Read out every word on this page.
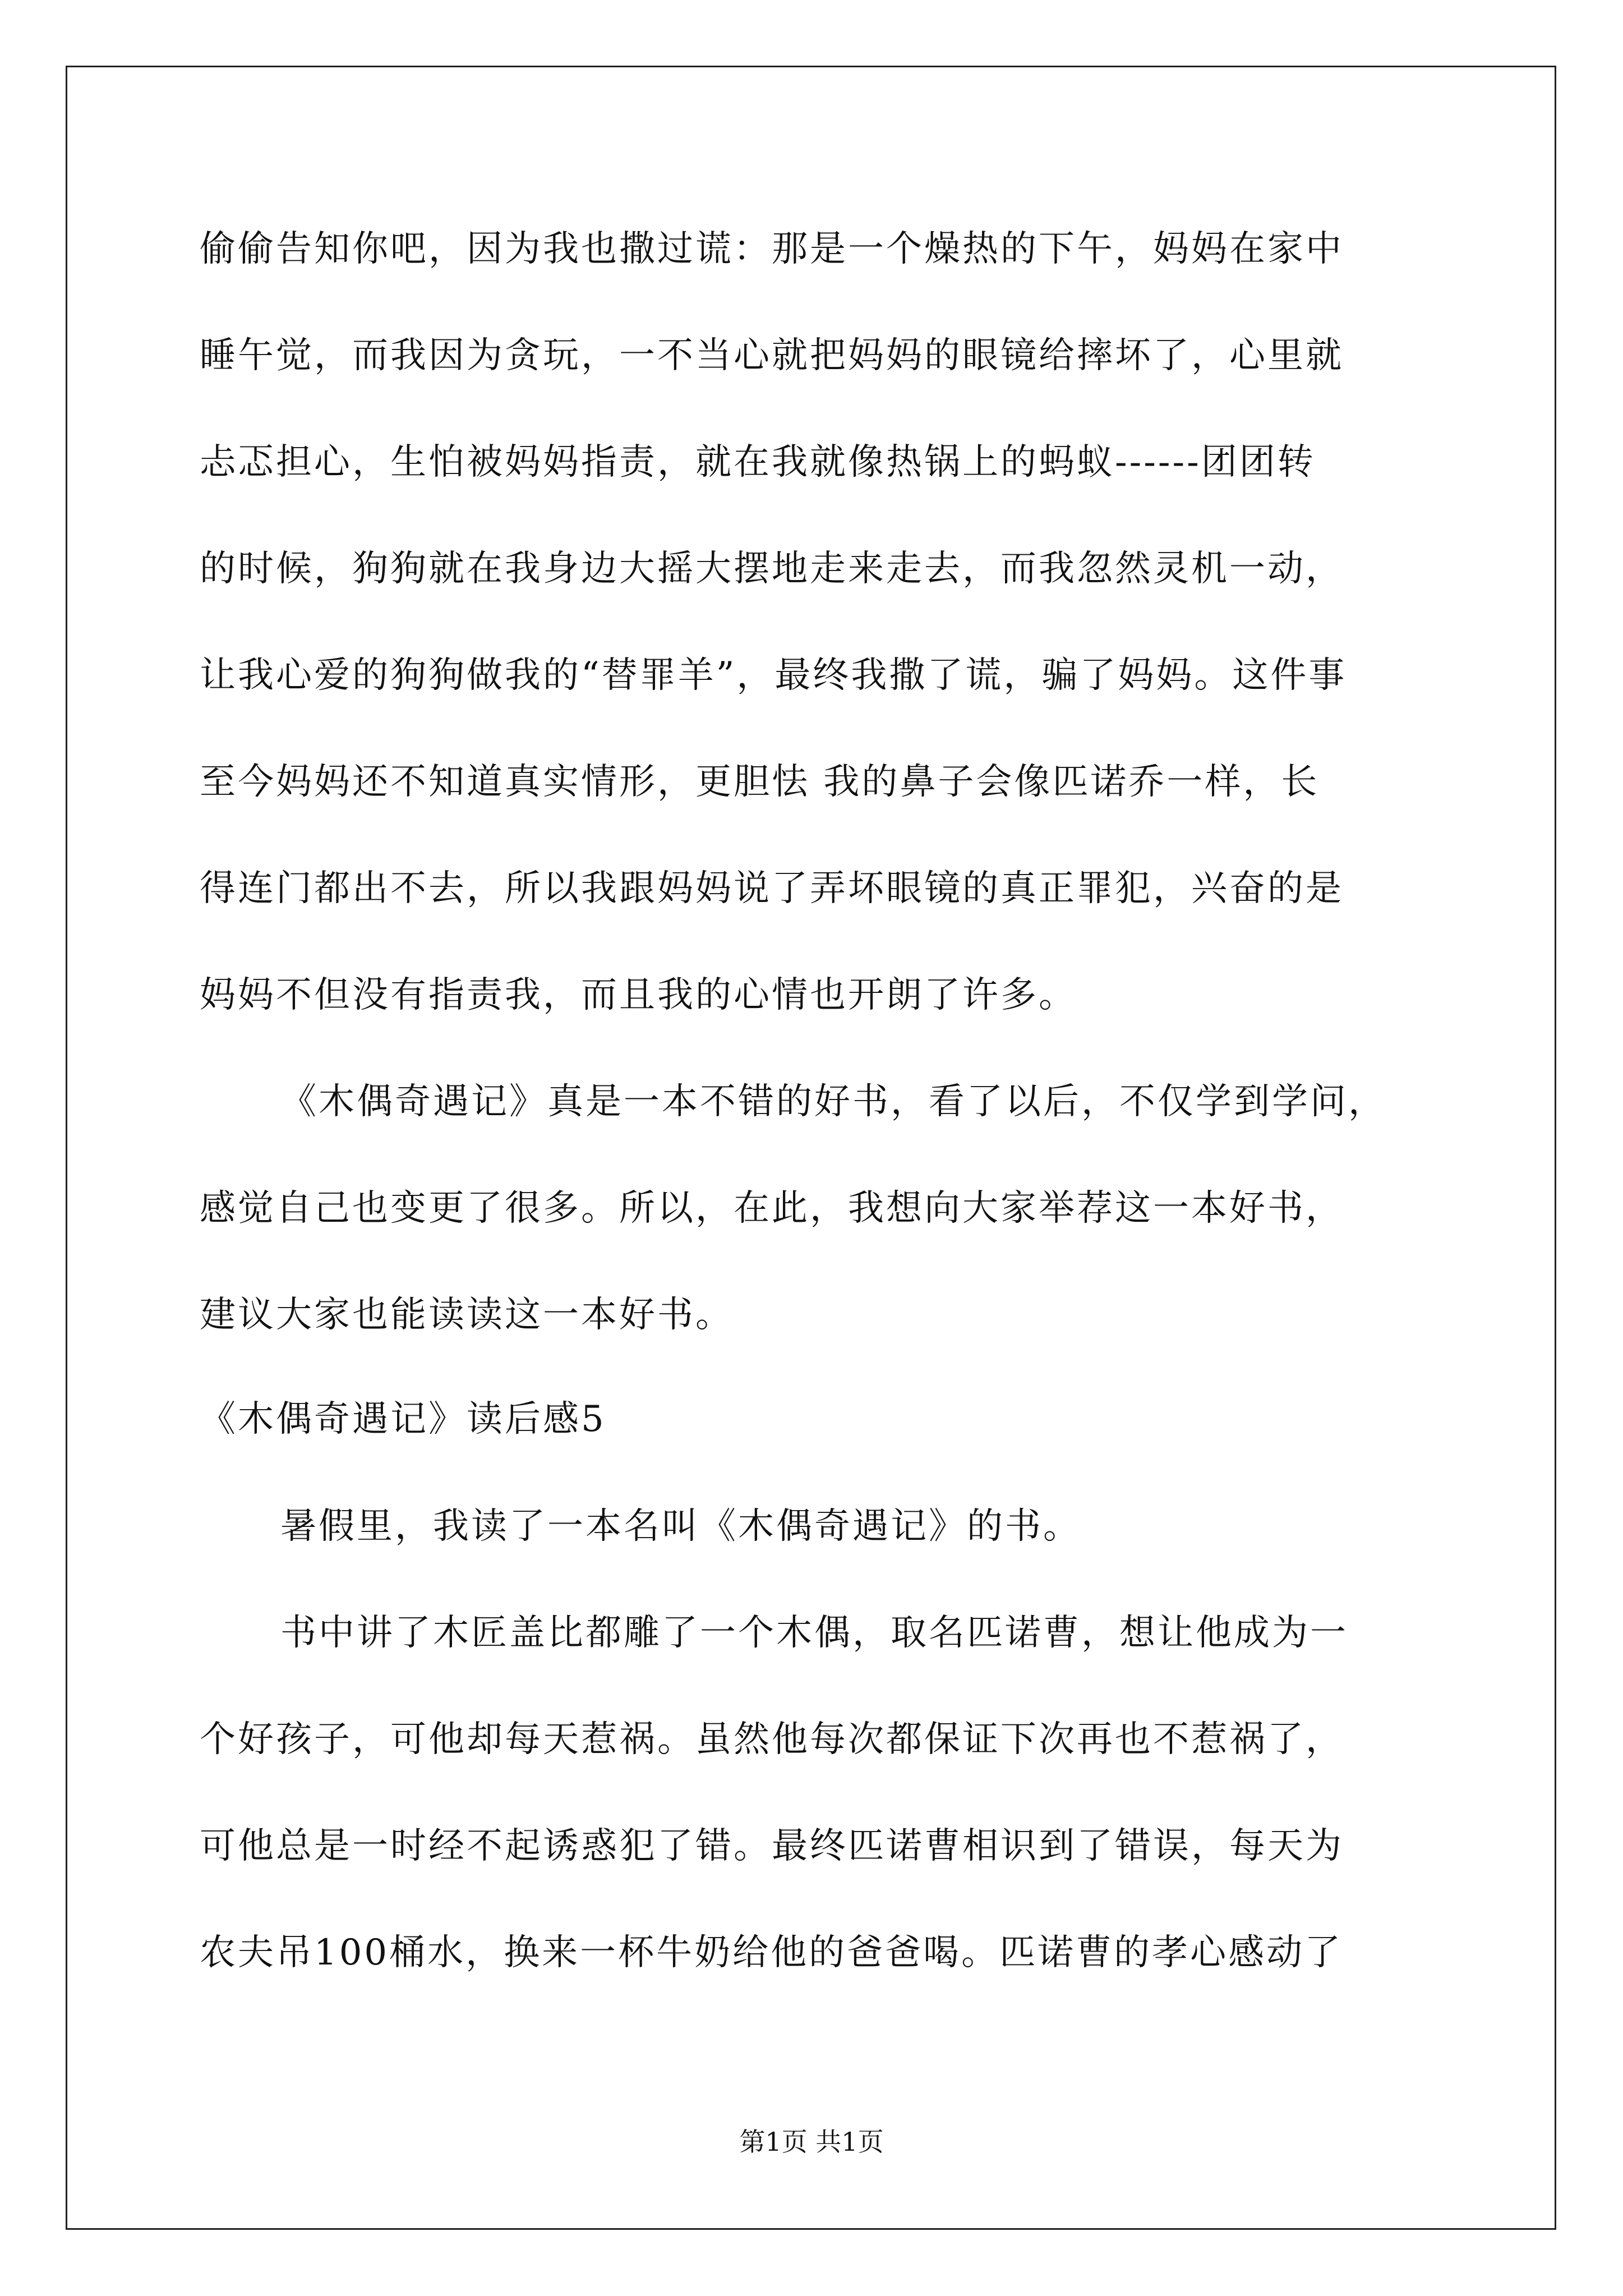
偷偷告知你吧，因为我也撒过谎：那是一个燥热的下午，妈妈在家中
睡午觉，而我因为贪玩，一不当心就把妈妈的眼镜给摔坏了，心里就
忐忑担心，生怕被妈妈指责，就在我就像热锅上的蚂蚁------团团转
的时候，狗狗就在我身边大摇大摆地走来走去，而我忽然灵机一动，
让我心爱的狗狗做我的“替罪羊”，最终我撒了谎，骗了妈妈。这件事
至今妈妈还不知道真实情形，更胆怯 我的鼻子会像匹诺乔一样，长
得连门都出不去，所以我跟妈妈说了弄坏眼镜的真正罪犯，兴奋的是
妈妈不但没有指责我，而且我的心情也开朗了许多。
《木偶奇遇记》真是一本不错的好书，看了以后，不仅学到学问，
感觉自己也变更了很多。所以，在此，我想向大家举荐这一本好书，
建议大家也能读读这一本好书。
《木偶奇遇记》读后感5
暑假里，我读了一本名叫《木偶奇遇记》的书。
书中讲了木匠盖比都雕了一个木偶，取名匹诺曹，想让他成为一
个好孩子，可他却每天惹祸。虽然他每次都保证下次再也不惹祸了，
可他总是一时经不起诱惑犯了错。最终匹诺曹相识到了错误，每天为
农夫吊100桶水，换来一杯牛奶给他的爸爸喝。匹诺曹的孝心感动了
第1页 共1页
